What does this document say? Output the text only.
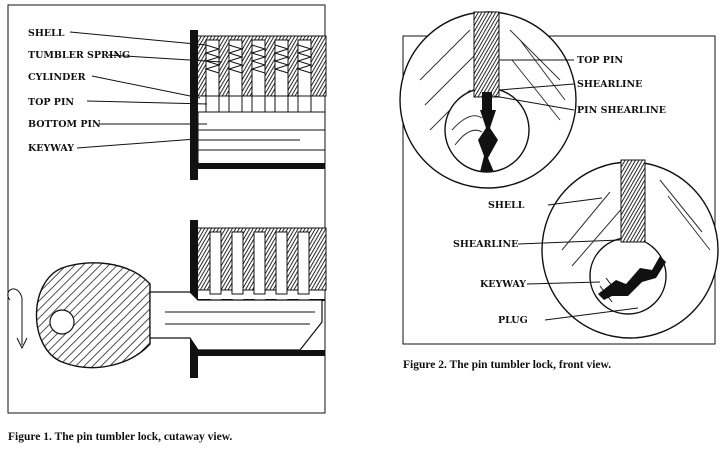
SHELL
TUMBLER SPRING
CYLINDER
TOP PIN
BOTTOM PIN
KEYWAY
Figure 1. The pin tumbler lock, cutaway view.
TOP PIN
SHEARLINE
PIN SHEARLINE
SHELL
SHEARLINE
KEYWAY
PLUG
Figure 2. The pin tumbler lock, front view.
